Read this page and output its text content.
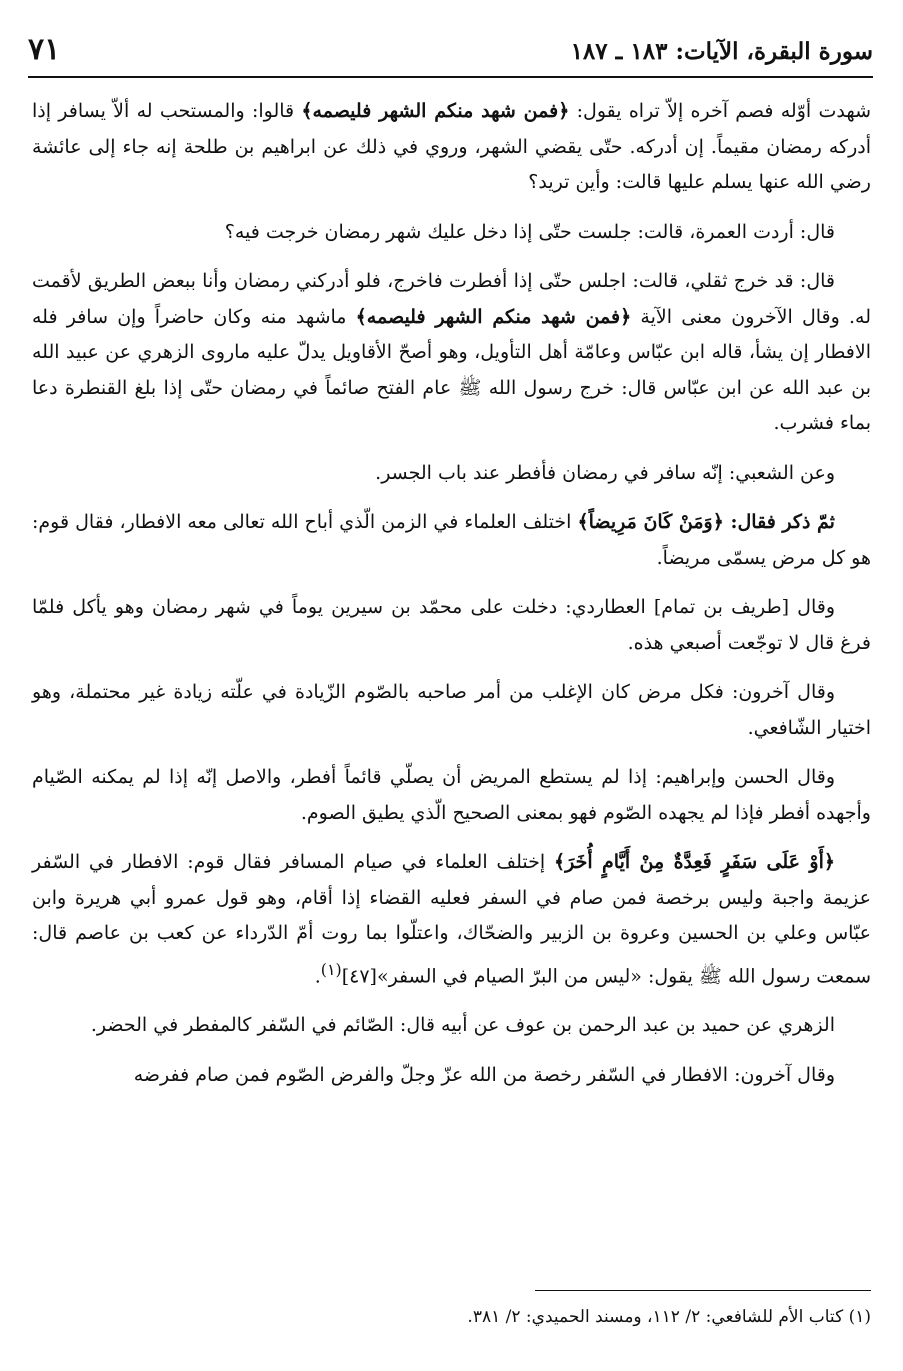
سورة البقرة، الآيات: ١٨٣ ـ ١٨٧
٧١

شهدت أوّله فصم آخره إلاّ تراه يقول: ﴿فمن شهد منكم الشهر فليصمه﴾ قالوا: والمستحب له ألاّ يسافر إذا أدركه رمضان مقيماً. إن أدركه. حتّى يقضي الشهر، وروي في ذلك عن ابراهيم بن طلحة إنه جاء إلى عائشة رضي الله عنها يسلم عليها قالت: وأين تريد؟

قال: أردت العمرة، قالت: جلست حتّى إذا دخل عليك شهر رمضان خرجت فيه؟

قال: قد خرج ثقلي، قالت: اجلس حتّى إذا أفطرت فاخرج، فلو أدركني رمضان وأنا ببعض الطريق لأقمت له. وقال الآخرون معنى الآية ﴿فمن شهد منكم الشهر فليصمه﴾ ماشهد منه وكان حاضراً وإن سافر فله الافطار إن يشأ، قاله ابن عبّاس وعامّة أهل التأويل، وهو أصحّ الأقاويل يدلّ عليه ماروى الزهري عن عبيد الله بن عبد الله عن ابن عبّاس قال: خرج رسول الله ﷺ عام الفتح صائماً في رمضان حتّى إذا بلغ القنطرة دعا بماء فشرب.

وعن الشعبي: إنّه سافر في رمضان فأفطر عند باب الجسر.

ثمّ ذكر فقال: ﴿وَمَنْ كَانَ مَرِيضاً﴾ اختلف العلماء في الزمن الّذي أباح الله تعالى معه الافطار، فقال قوم: هو كل مرض يسمّى مريضاً.

وقال [طريف بن تمام] العطاردي: دخلت على محمّد بن سيرين يوماً في شهر رمضان وهو يأكل فلمّا فرغ قال لا توجّعت أصبعي هذه.

وقال آخرون: فكل مرض كان الإغلب من أمر صاحبه بالصّوم الزّيادة في علّته زيادة غير محتملة، وهو اختيار الشّافعي.

وقال الحسن وإبراهيم: إذا لم يستطع المريض أن يصلّي قائماً أفطر، والاصل إنّه إذا لم يمكنه الصّيام وأجهده أفطر فإذا لم يجهده الصّوم فهو بمعنى الصحيح الّذي يطيق الصوم.

﴿أَوْ عَلَى سَفَرٍ فَعِدَّةٌ مِنْ أَيَّامٍ أُخَرَ﴾ إختلف العلماء في صيام المسافر فقال قوم: الافطار في السّفر عزيمة واجبة وليس برخصة فمن صام في السفر فعليه القضاء إذا أقام، وهو قول عمرو أبي هريرة وابن عبّاس وعلي بن الحسين وعروة بن الزبير والضحّاك، واعتلّوا بما روت أمّ الدّرداء عن كعب بن عاصم قال: سمعت رسول الله ﷺ يقول: «ليس من البرّ الصيام في السفر»[٤٧]$^{(١)}$.

الزهري عن حميد بن عبد الرحمن بن عوف عن أبيه قال: الصّائم في السّفر كالمفطر في الحضر.

وقال آخرون: الافطار في السّفر رخصة من الله عزّ وجلّ والفرض الصّوم فمن صام ففرضه

(١) كتاب الأم للشافعي: ٢/ ١١٢، ومسند الحميدي: ٢/ ٣٨١.
